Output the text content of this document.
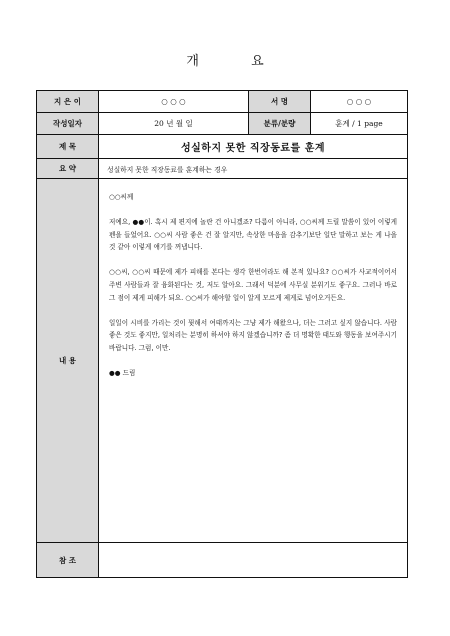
개 요
지 은 이	○ ○ ○	서 명	○ ○ ○
작성일자	20 년 월 일	분류/분량	훈계 / 1 page
제 목	성실하지 못한 직장동료를 훈계
요 약	성실하지 못한 직장동료를 훈계하는 경우
내 용

○○씨께

저예요, ●●이. 혹시 제 편지에 놀란 건 아니겠죠? 다름이 아니라, ○○씨께 드릴 말씀이 있어 이렇게 펜을 들었어요. ○○씨 사람 좋은 건 잘 알지만, 속상한 마음을 감추기보단 일단 말하고 보는 게 나을 것 같아 이렇게 얘기를 꺼냅니다.

○○씨, ○○씨 때문에 제가 피해를 본다는 생각 한번이라도 해 본적 있나요? ○○씨가 사교적이어서 주변 사람들과 잘 융화된다는 것, 저도 알아요. 그래서 덕분에 사무실 분위기도 좋구요. 그러나 바로 그 점이 제게 피해가 되요. ○○씨가 해야할 일이 알게 모르게 제게로 넘어오거든요.

일일이 시비를 가리는 것이 뭣해서 여태까지는 그냥 제가 해왔으나, 더는 그러고 싶지 않습니다. 사람 좋은 것도 좋지만, 일처리는 분명히 하셔야 하지 않겠습니까? 좀 더 명확한 태도와 행동을 보여주시기 바랍니다. 그럼, 이만.

●● 드림

참 조
